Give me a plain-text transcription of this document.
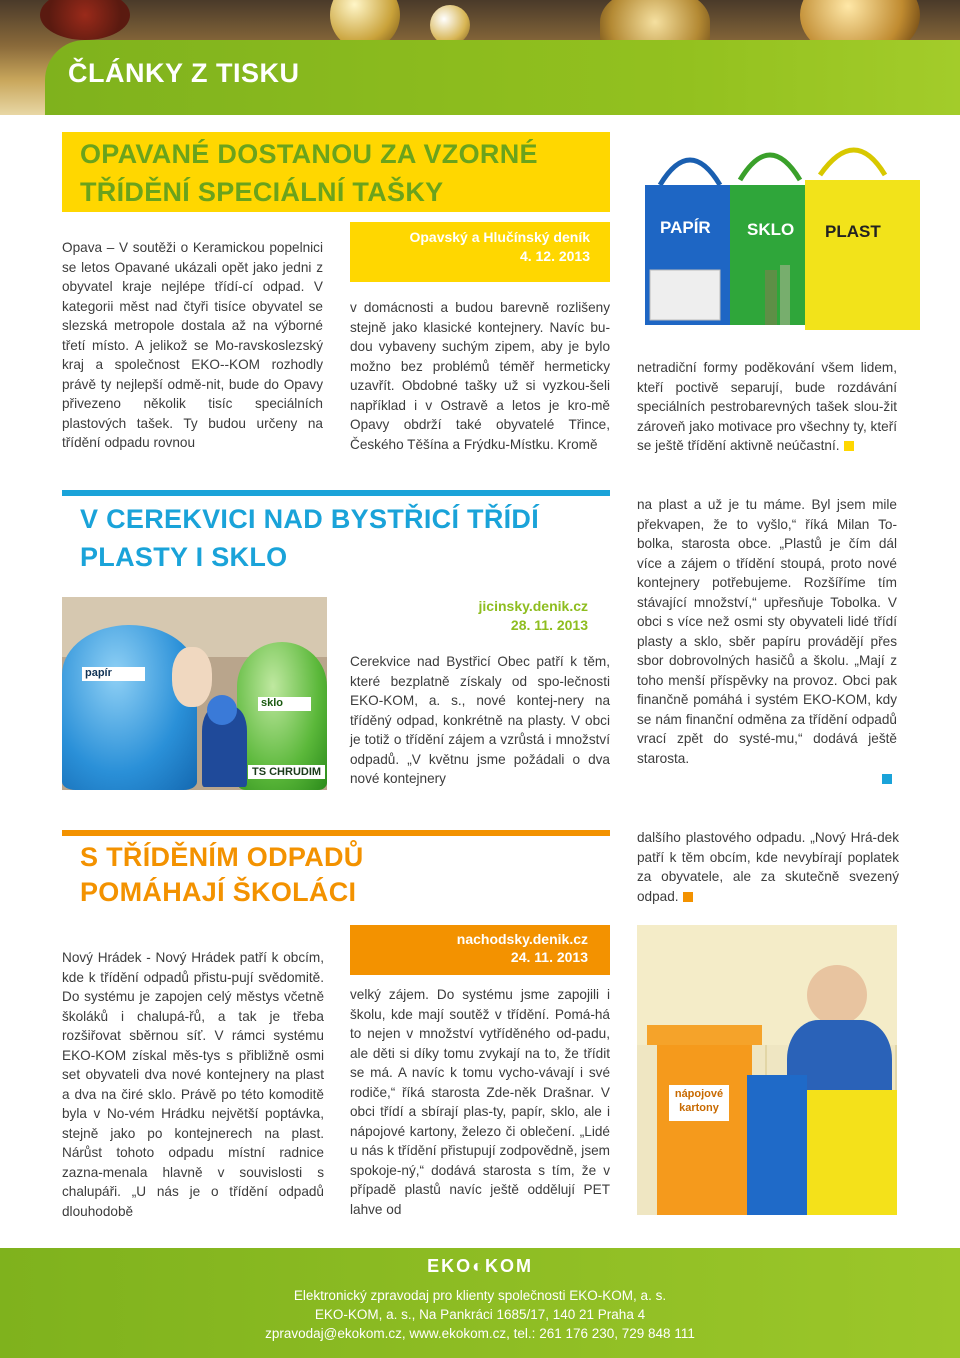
ČLÁNKY Z TISKU
OPAVANÉ DOSTANOU ZA VZORNÉ
TŘÍDĚNÍ SPECIÁLNÍ TAŠKY
Opavský a Hlučínský deník
4. 12. 2013

Opava – V soutěži o Keramickou popelnici se letos Opavané ukázali opět jako jedni z obyvatel kraje nejlépe třídí-cí odpad. V kategorii měst nad čtyři tisíce obyvatel se slezská metropole dostala až na výborné třetí místo. A jelikož se Mo-ravskoslezský kraj a společnost EKO--KOM rozhodly právě ty nejlepší odmě-nit, bude do Opavy přivezeno několik tisíc speciálních plastových tašek. Ty budou určeny na třídění odpadu rovnou

v domácnosti a budou barevně rozlišeny stejně jako klasické kontejnery. Navíc bu-dou vybaveny suchým zipem, aby je bylo možno bez problémů téměř hermeticky uzavřít. Obdobné tašky už si vyzkou-šeli například i v Ostravě a letos je kro-mě Opavy obdrží také obyvatelé Třince, Českého Těšína a Frýdku-Místku. Kromě

netradiční formy poděkování všem lidem, kteří poctivě separují, bude rozdávání speciálních pestrobarevných tašek slou-žit zároveň jako motivace pro všechny ty, kteří se ještě třídění aktivně neúčastní.

PAPÍR SKLO PLAST
V CEREKVICI NAD BYSTŘICÍ TŘÍDÍ
PLASTY I SKLO
jicinsky.denik.cz
28. 11. 2013
papír
sklo
TS CHRUDIM

Cerekvice nad Bystřicí Obec patří k těm, které bezplatně získaly od spo-lečnosti EKO-KOM, a. s., nové kontej-nery na tříděný odpad, konkrétně na plasty. V obci je totiž o třídění zájem a vzrůstá i množství odpadů. „V květnu jsme požádali o dva nové kontejnery

na plast a už je tu máme. Byl jsem mile překvapen, že to vyšlo,“ říká Milan To-bolka, starosta obce. „Plastů je čím dál více a zájem o třídění stoupá, proto nové kontejnery potřebujeme. Rozšíříme tím stávající množství,“ upřesňuje Tobolka. V obci s více než osmi sty obyvateli lidé třídí plasty a sklo, sběr papíru provádějí přes sbor dobrovolných hasičů a školu. „Mají z toho menší příspěvky na provoz. Obci pak finančně pomáhá i systém EKO-KOM, kdy se nám finanční odměna za třídění odpadů vrací zpět do systé-mu,“ dodává ještě starosta.

S TŘÍDĚNÍM ODPADŮ
POMÁHAJÍ ŠKOLÁCI
nachodsky.denik.cz
24. 11. 2013

Nový Hrádek - Nový Hrádek patří k obcím, kde k třídění odpadů přistu-pují svědomitě. Do systému je zapojen celý městys včetně školáků i chalupá-řů, a tak je třeba rozšiřovat sběrnou síť. V rámci systému EKO-KOM získal měs-tys s přibližně osmi set obyvateli dva nové kontejnery na plast a dva na čiré sklo. Právě po této komoditě byla v No-vém Hrádku největší poptávka, stejně jako po kontejnerech na plast. Nárůst tohoto odpadu místní radnice zazna-menala hlavně v souvislosti s chalupáři. „U nás je o třídění odpadů dlouhodobě

velký zájem. Do systému jsme zapojili i školu, kde mají soutěž v třídění. Pomá-há to nejen v množství vytříděného od-padu, ale děti si díky tomu zvykají na to, že třídit se má. A navíc k tomu vycho-vávají i své rodiče,“ říká starosta Zde-něk Drašnar. V obci třídí a sbírají plas-ty, papír, sklo, ale i nápojové kartony, železo či oblečení. „Lidé u nás k třídění přistupují zodpovědně, jsem spokoje-ný,“ dodává starosta s tím, že v případě plastů navíc ještě oddělují PET lahve od

dalšího plastového odpadu. „Nový Hrá-dek patří k těm obcím, kde nevybírají poplatek za obyvatele, ale za skutečně svezený odpad.

nápojové kartony
EKO◐KOM
Elektronický zpravodaj pro klienty společnosti EKO-KOM, a. s.
EKO-KOM, a. s., Na Pankráci 1685/17, 140 21 Praha 4
zpravodaj@ekokom.cz, www.ekokom.cz, tel.: 261 176 230, 729 848 111
